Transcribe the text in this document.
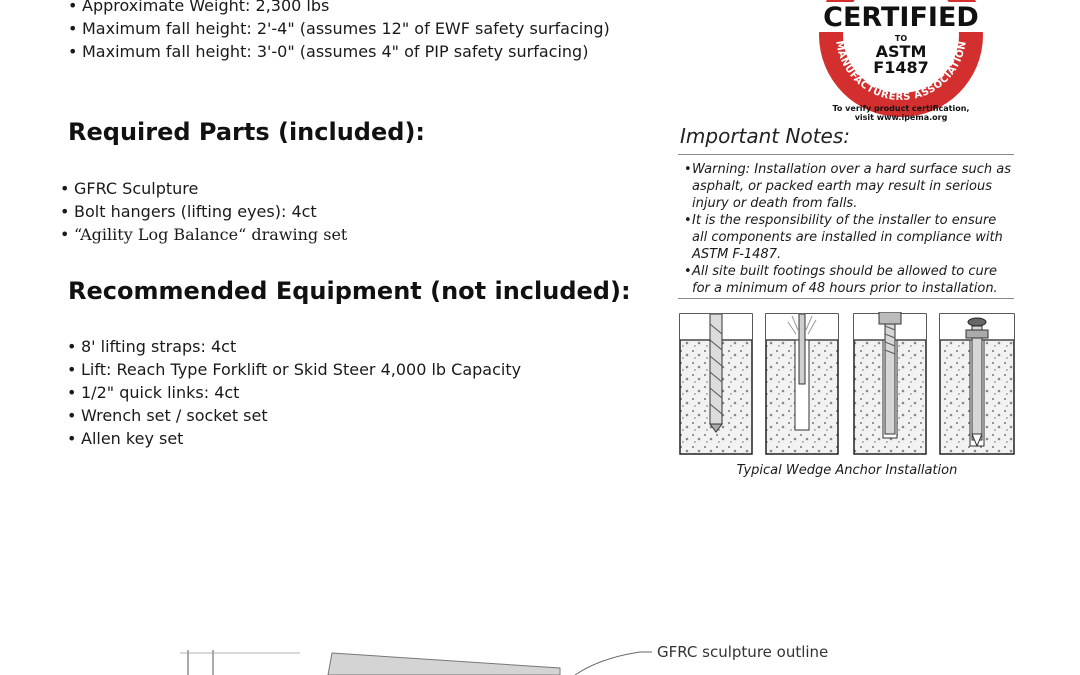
• Approximate Weight: 2,300 lbs
• Maximum fall height: 2'-4" (assumes 12" of EWF safety surfacing)
• Maximum fall height: 3'-0" (assumes 4" of PIP safety surfacing)
Required Parts (included):
• GFRC Sculpture
• Bolt hangers (lifting eyes): 4ct
• “Agility Log Balance“ drawing set
Recommended Equipment (not included):
• 8' lifting straps: 4ct
• Lift: Reach Type Forklift or Skid Steer 4,000 lb Capacity
• 1/2" quick links: 4ct
• Wrench set / socket set
• Allen key set
CERTIFIED
TO
ASTM
F1487
MANUFACTURERS ASSOCIATION
To verify product certification,
visit www.ipema.org
Important Notes:
• Warning: Installation over a hard surface such as asphalt, or packed earth may result in serious injury or death from falls.
• It is the responsibility of the installer to ensure all components are installed in compliance with ASTM F-1487.
• All site built footings should be allowed to cure for a minimum of 48 hours prior to installation.
Typical Wedge Anchor Installation
GFRC sculpture outline
